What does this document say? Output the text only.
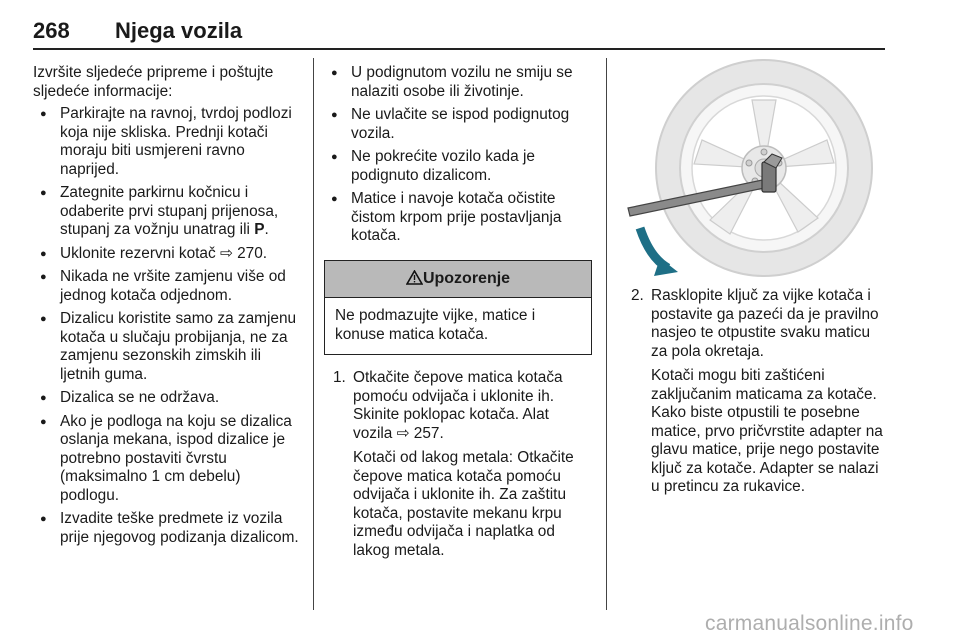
268 Njega vozila

Izvršite sljedeće pripreme i poštujte sljedeće informacije:

● Parkirajte na ravnoj, tvrdoj podlozi koja nije skliska. Prednji kotači moraju biti usmjereni ravno naprijed.
● Zategnite parkirnu kočnicu i odaberite prvi stupanj prijenosa, stupanj za vožnju unatrag ili P.
● Uklonite rezervni kotač ⇨ 270.
● Nikada ne vršite zamjenu više od jednog kotača odjednom.
● Dizalicu koristite samo za zamjenu kotača u slučaju probijanja, ne za zamjenu sezonskih zimskih ili ljetnih guma.
● Dizalica se ne održava.
● Ako je podloga na koju se dizalica oslanja mekana, ispod dizalice je potrebno postaviti čvrstu (maksimalno 1 cm debelu) podlogu.
● Izvadite teške predmete iz vozila prije njegovog podizanja dizalicom.
● U podignutom vozilu ne smiju se nalaziti osobe ili životinje.
● Ne uvlačite se ispod podignutog vozila.
● Ne pokrećite vozilo kada je podignuto dizalicom.
● Matice i navoje kotača očistite čistom krpom prije postavljanja kotača.
Upozorenje
Ne podmazujte vijke, matice i konuse matica kotača.
1. Otkačite čepove matica kotača pomoću odvijača i uklonite ih. Skinite poklopac kotača. Alat vozila ⇨ 257.

Kotači od lakog metala: Otkačite čepove matica kotača pomoću odvijača i uklonite ih. Za zaštitu kotača, postavite mekanu krpu između odvijača i naplatka od lakog metala.

2. Rasklopite ključ za vijke kotača i postavite ga pazeći da je pravilno nasjeo te otpustite svaku maticu za pola okretaja.

Kotači mogu biti zaštićeni zaključanim maticama za kotače. Kako biste otpustili te posebne matice, prvo pričvrstite adapter na glavu matice, prije nego postavite ključ za kotače. Adapter se nalazi u pretincu za rukavice.

carmanualsonline.info
